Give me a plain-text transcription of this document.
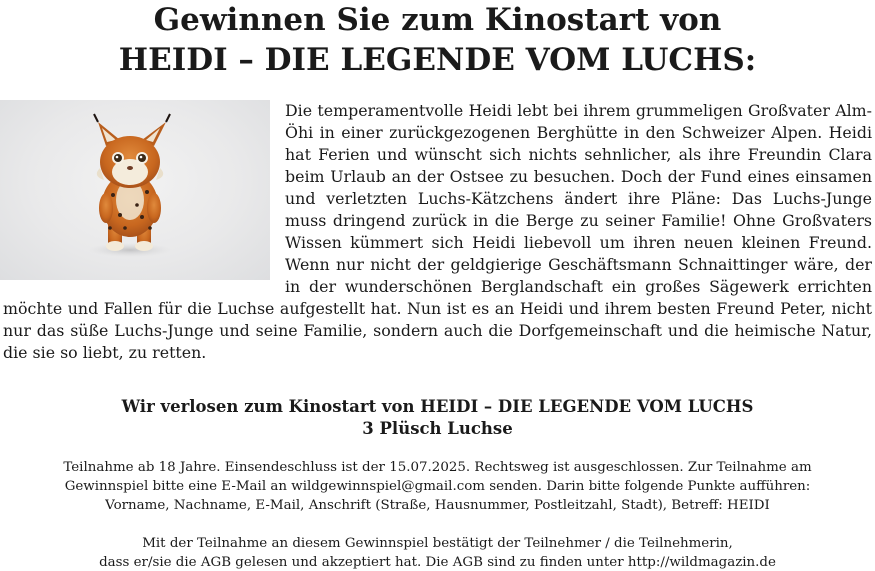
Gewinnen Sie zum Kinostart von
HEIDI – DIE LEGENDE VOM LUCHS:

Die temperamentvolle Heidi lebt bei ihrem grummeligen Großvater Alm-Öhi in einer zurückgezogenen Berghütte in den Schweizer Alpen. Heidi hat Ferien und wünscht sich nichts sehnlicher, als ihre Freundin Clara beim Urlaub an der Ostsee zu besuchen. Doch der Fund eines einsamen und verletzten Luchs-Kätzchens ändert ihre Pläne: Das Luchs-Junge muss dringend zurück in die Berge zu seiner Familie! Ohne Großvaters Wissen kümmert sich Heidi liebevoll um ihren neuen kleinen Freund. Wenn nur nicht der geldgierige Geschäftsmann Schnaittinger wäre, der in der wunderschönen Berglandschaft ein großes Sägewerk errichten möchte und Fallen für die Luchse aufgestellt hat. Nun ist es an Heidi und ihrem besten Freund Peter, nicht nur das süße Luchs-Junge und seine Familie, sondern auch die Dorfgemeinschaft und die heimische Natur, die sie so liebt, zu retten.

Wir verlosen zum Kinostart von HEIDI – DIE LEGENDE VOM LUCHS
3 Plüsch Luchse

Teilnahme ab 18 Jahre. Einsendeschluss ist der 15.07.2025. Rechtsweg ist ausgeschlossen. Zur Teilnahme am
Gewinnspiel bitte eine E-Mail an wildgewinnspiel@gmail.com senden. Darin bitte folgende Punkte aufführen:
Vorname, Nachname, E-Mail, Anschrift (Straße, Hausnummer, Postleitzahl, Stadt), Betreff: HEIDI

Mit der Teilnahme an diesem Gewinnspiel bestätigt der Teilnehmer / die Teilnehmerin,
dass er/sie die AGB gelesen und akzeptiert hat. Die AGB sind zu finden unter http://wildmagazin.de
